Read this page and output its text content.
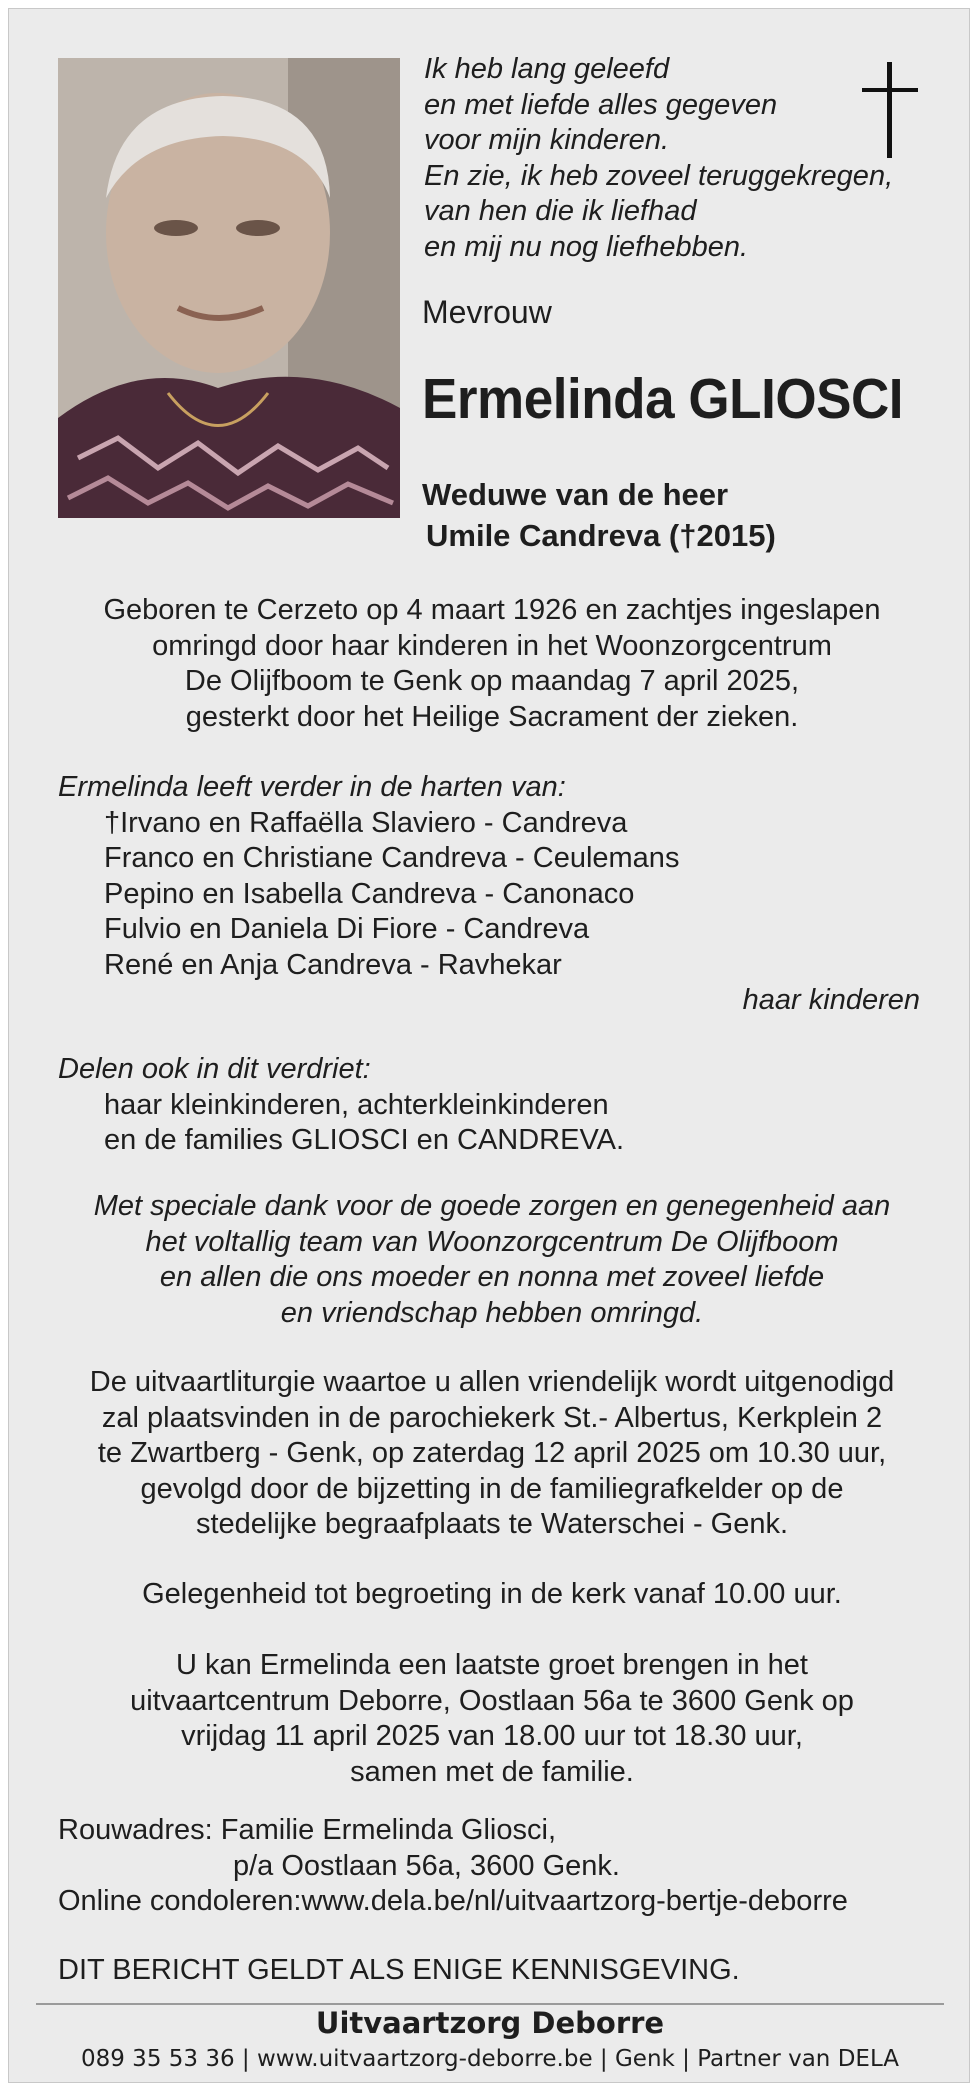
Ik heb lang geleefd
en met liefde alles gegeven
voor mijn kinderen.
En zie, ik heb zoveel teruggekregen,
van hen die ik liefhad
en mij nu nog liefhebben.
Mevrouw
Ermelinda GLIOSCI
Weduwe van de heer
Umile Candreva (†2015)
Geboren te Cerzeto op 4 maart 1926 en zachtjes ingeslapen
omringd door haar kinderen in het Woonzorgcentrum
De Olijfboom te Genk op maandag 7 april 2025,
gesterkt door het Heilige Sacrament der zieken.
Ermelinda leeft verder in de harten van:
†Irvano en Raffaëlla Slaviero - Candreva
Franco en Christiane Candreva - Ceulemans
Pepino en Isabella Candreva - Canonaco
Fulvio en Daniela Di Fiore - Candreva
René en Anja Candreva - Ravhekar
haar kinderen
Delen ook in dit verdriet:
haar kleinkinderen, achterkleinkinderen
en de families GLIOSCI en CANDREVA.
Met speciale dank voor de goede zorgen en genegenheid aan
het voltallig team van Woonzorgcentrum De Olijfboom
en allen die ons moeder en nonna met zoveel liefde
en vriendschap hebben omringd.
De uitvaartliturgie waartoe u allen vriendelijk wordt uitgenodigd
zal plaatsvinden in de parochiekerk St.- Albertus, Kerkplein 2
te Zwartberg - Genk, op zaterdag 12 april 2025 om 10.30 uur,
gevolgd door de bijzetting in de familiegrafkelder op de
stedelijke begraafplaats te Waterschei - Genk.
Gelegenheid tot begroeting in de kerk vanaf 10.00 uur.
U kan Ermelinda een laatste groet brengen in het
uitvaartcentrum Deborre, Oostlaan 56a te 3600 Genk op
vrijdag 11 april 2025 van 18.00 uur tot 18.30 uur,
samen met de familie.
Rouwadres: Familie Ermelinda Gliosci,
p/a Oostlaan 56a, 3600 Genk.
Online condoleren:www.dela.be/nl/uitvaartzorg-bertje-deborre
DIT BERICHT GELDT ALS ENIGE KENNISGEVING.
Uitvaartzorg Deborre
089 35 53 36 | www.uitvaartzorg-deborre.be | Genk | Partner van DELA
